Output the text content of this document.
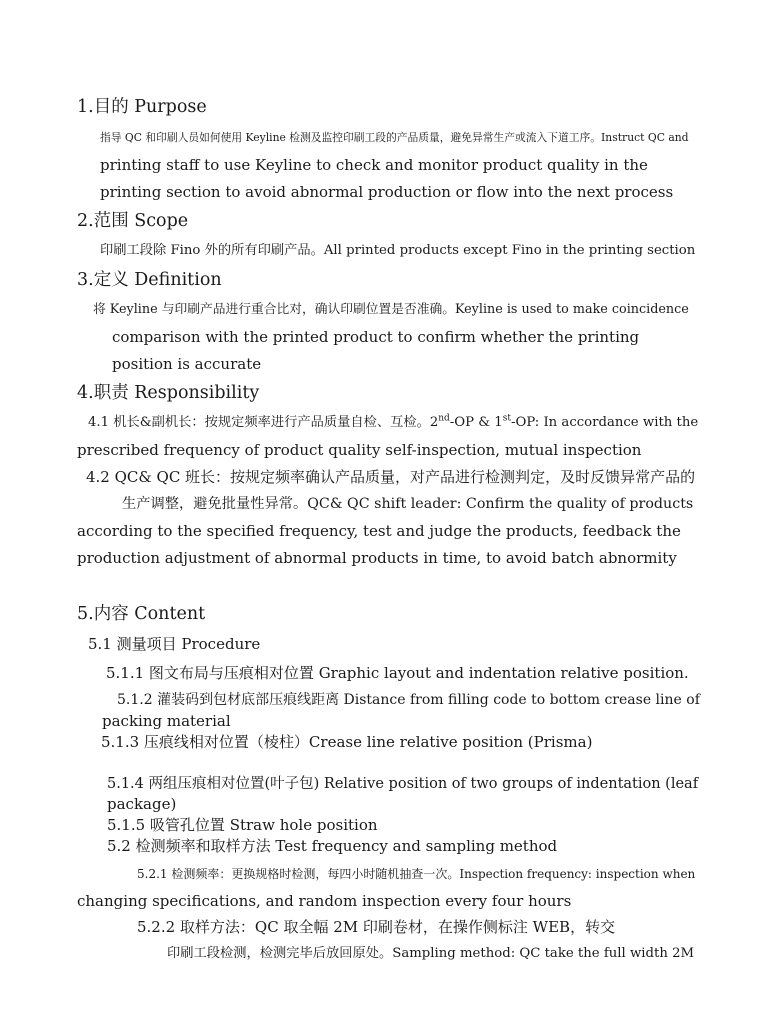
1.目的 Purpose
指导 QC 和印刷人员如何使用 Keyline 检测及监控印刷工段的产品质量，避免异常生产或流入下道工序。Instruct QC and
printing staff to use Keyline to check and monitor product quality in the
printing section to avoid abnormal production or flow into the next process
2.范围 Scope
印刷工段除 Fino 外的所有印刷产品。All printed products except Fino in the printing section
3.定义 Definition
将 Keyline 与印刷产品进行重合比对，确认印刷位置是否准确。Keyline is used to make coincidence
comparison with the printed product to confirm whether the printing
position is accurate
4.职责 Responsibility
4.1 机长&副机长：按规定频率进行产品质量自检、互检。2nd-OP & 1st-OP: In accordance with the
prescribed frequency of product quality self-inspection, mutual inspection
4.2 QC& QC 班长：按规定频率确认产品质量，对产品进行检测判定，及时反馈异常产品的
生产调整，避免批量性异常。QC& QC shift leader: Confirm the quality of products
according to the specified frequency, test and judge the products, feedback the
production adjustment of abnormal products in time, to avoid batch abnormity
5.内容 Content
5.1 测量项目 Procedure
5.1.1 图文布局与压痕相对位置 Graphic layout and indentation relative position.
5.1.2 灌装码到包材底部压痕线距离 Distance from filling code to bottom crease line of
packing material
5.1.3 压痕线相对位置（棱柱）Crease line relative position (Prisma)
5.1.4 两组压痕相对位置(叶子包) Relative position of two groups of indentation (leaf
package)
5.1.5 吸管孔位置 Straw hole position
5.2 检测频率和取样方法 Test frequency and sampling method
5.2.1 检测频率：更换规格时检测，每四小时随机抽查一次。Inspection frequency: inspection when
changing specifications, and random inspection every four hours
5.2.2 取样方法：QC 取全幅 2M 印刷卷材，在操作侧标注 WEB，转交
印刷工段检测，检测完毕后放回原处。Sampling method: QC take the full width 2M
